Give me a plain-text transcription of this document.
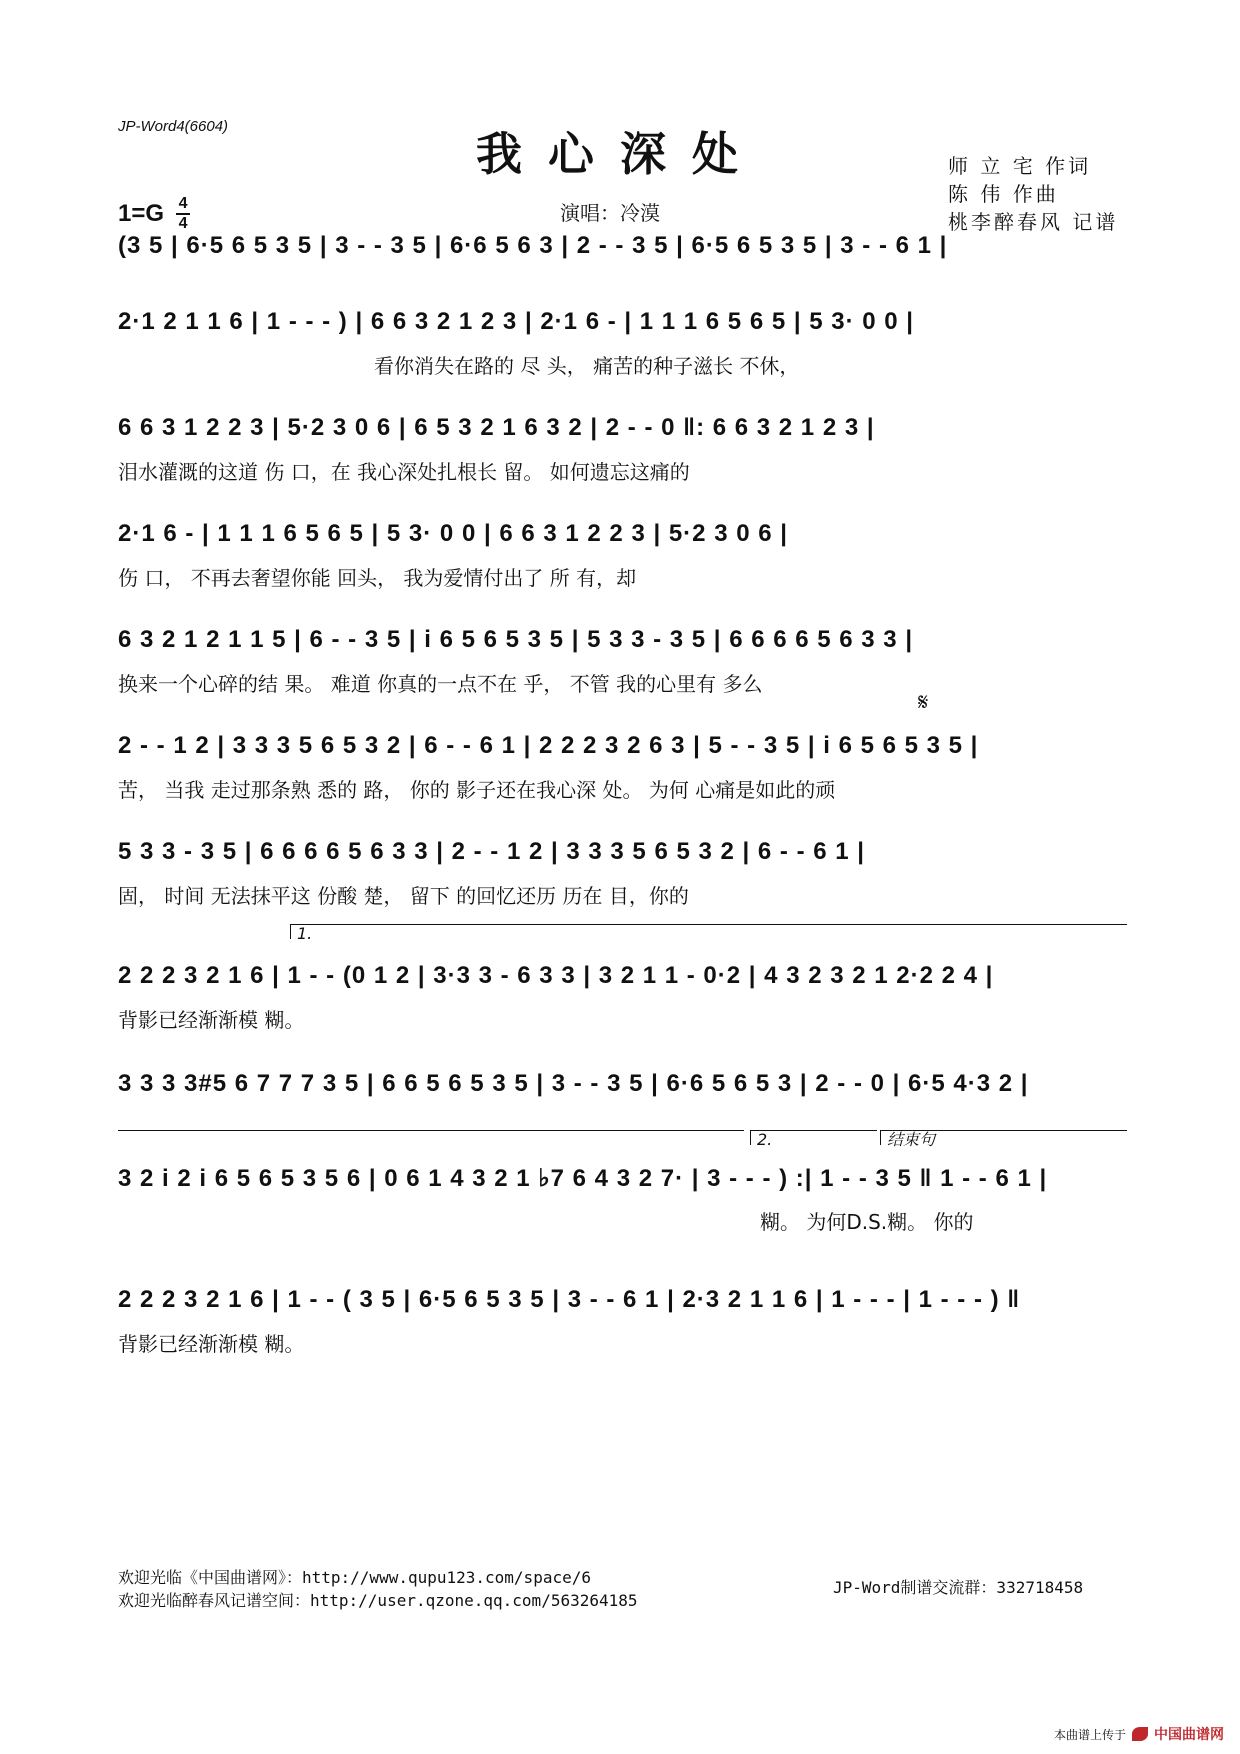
JP-Word4(6604)
我心深处
1=G 4
4	演唱：冷漠
师 立 宅 作词
陈 伟 作曲
桃李醉春风 记谱
(3 5 | 6·5 6 5 3 5 | 3 - - 3 5 | 6·6 5 6 3 | 2 - - 3 5 | 6·5 6 5 3 5 | 3 - - 6 1 |
2·1 2 1 1 6 | 1 - - - ) | 6 6 3 2 1 2 3 | 2·1 6 - | 1 1 1 6 5 6 5 | 5 3· 0 0 |
看你消失在路的 尽 头， 痛苦的种子滋长 不休，
6 6 3 1 2 2 3 | 5·2 3 0 6 | 6 5 3 2 1 6 3 2 | 2 - - 0 ‖: 6 6 3 2 1 2 3 |
泪水灌溉的这道 伤 口，在 我心深处扎根长 留。 如何遗忘这痛的
2·1 6 - | 1 1 1 6 5 6 5 | 5 3· 0 0 | 6 6 3 1 2 2 3 | 5·2 3 0 6 |
伤 口， 不再去奢望你能 回头， 我为爱情付出了 所 有，却
6 3 2 1 2 1 1 5 | 6 - - 3 5 | i 6 5 6 5 3 5 | 5 3 3 - 3 5 | 6 6 6 6 5 6 3 3 |
换来一个心碎的结 果。 难道 你真的一点不在 乎， 不管 我的心里有 多么
𝄋
2 - - 1 2 | 3 3 3 5 6 5 3 2 | 6 - - 6 1 | 2 2 2 3 2 6 3 | 5 - - 3 5 | i 6 5 6 5 3 5 |
苦， 当我 走过那条熟 悉的 路， 你的 影子还在我心深 处。 为何 心痛是如此的顽
5 3 3 - 3 5 | 6 6 6 6 5 6 3 3 | 2 - - 1 2 | 3 3 3 5 6 5 3 2 | 6 - - 6 1 |
固， 时间 无法抹平这 份酸 楚， 留下 的回忆还历 历在 目，你的
1.
2 2 2 3 2 1 6 | 1 - - (0 1 2 | 3·3 3 - 6 3 3 | 3 2 1 1 - 0·2 | 4 3 2 3 2 1 2·2 2 4 |
背影已经渐渐模 糊。
3 3 3 3#5 6 7 7 7 3 5 | 6 6 5 6 5 3 5 | 3 - - 3 5 | 6·6 5 6 5 3 | 2 - - 0 | 6·5 4·3 2 |
2.	结束句
3 2 i 2 i 6 5 6 5 3 5 6 | 0 6 1 4 3 2 1 ♭7 6 4 3 2 7· | 3 - - - ) :| 1 - - 3 5 ‖ 1 - - 6 1 |
糊。 为何D.S.糊。 你的
2 2 2 3 2 1 6 | 1 - - ( 3 5 | 6·5 6 5 3 5 | 3 - - 6 1 | 2·3 2 1 1 6 | 1 - - - | 1 - - - ) ‖
背影已经渐渐模 糊。
欢迎光临《中国曲谱网》：http://www.qupu123.com/space/6
欢迎光临醉春风记谱空间：http://user.qzone.qq.com/563264185
JP-Word制谱交流群：332718458
本曲谱上传于 中国曲谱网
